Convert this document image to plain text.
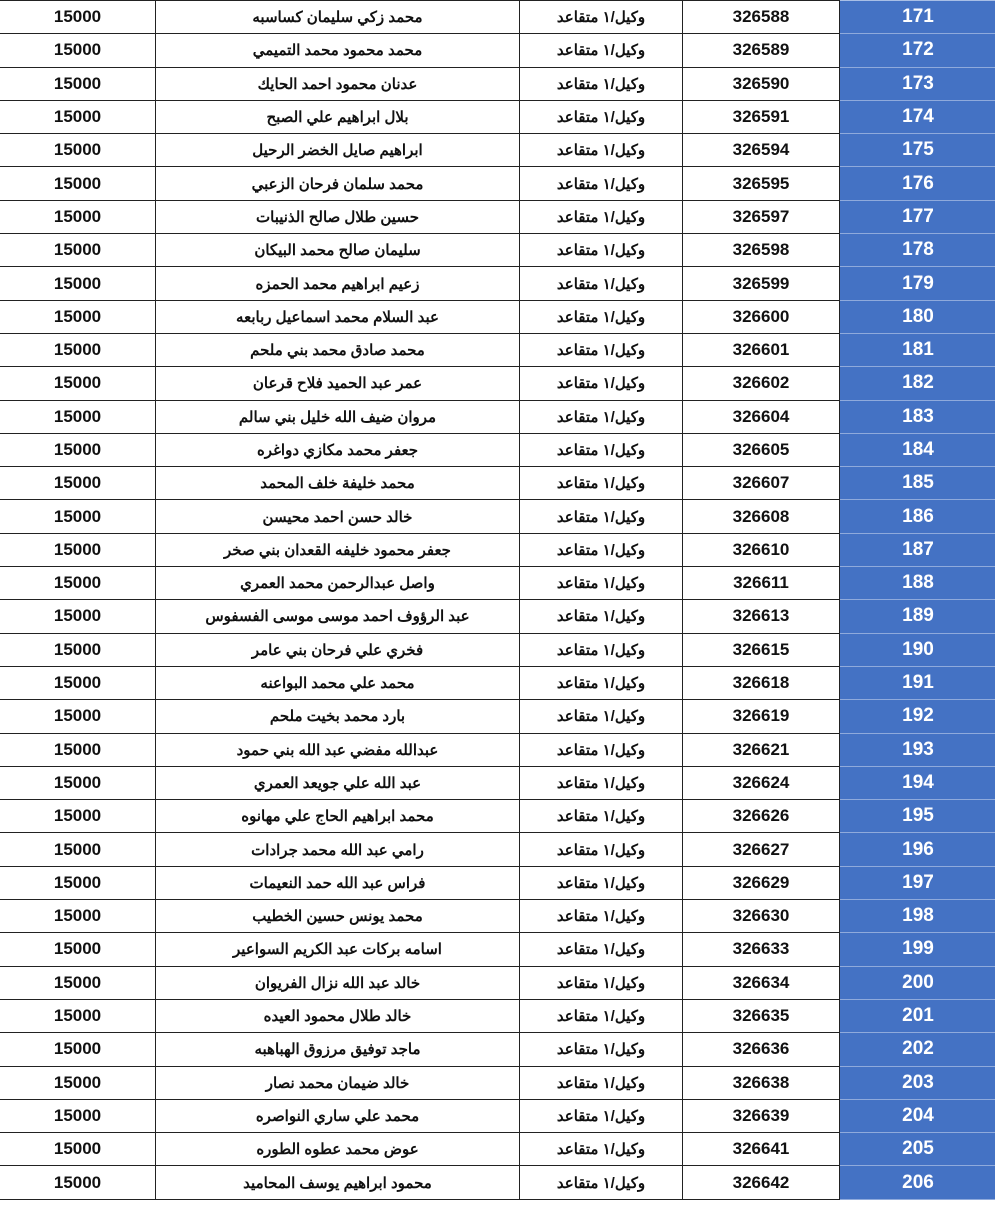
15000	محمد زكي سليمان كساسبه	وكيل/١ متقاعد	326588	171
15000	محمد محمود محمد التميمي	وكيل/١ متقاعد	326589	172
15000	عدنان محمود احمد الحايك	وكيل/١ متقاعد	326590	173
15000	بلال ابراهيم علي الصبح	وكيل/١ متقاعد	326591	174
15000	ابراهيم صايل الخضر الرحيل	وكيل/١ متقاعد	326594	175
15000	محمد سلمان فرحان الزعبي	وكيل/١ متقاعد	326595	176
15000	حسين طلال صالح الذنيبات	وكيل/١ متقاعد	326597	177
15000	سليمان صالح محمد البيكان	وكيل/١ متقاعد	326598	178
15000	زعيم ابراهيم محمد الحمزه	وكيل/١ متقاعد	326599	179
15000	عبد السلام محمد اسماعيل ربابعه	وكيل/١ متقاعد	326600	180
15000	محمد صادق محمد بني ملحم	وكيل/١ متقاعد	326601	181
15000	عمر عبد الحميد فلاح قرعان	وكيل/١ متقاعد	326602	182
15000	مروان ضيف الله خليل بني سالم	وكيل/١ متقاعد	326604	183
15000	جعفر محمد مكازي دواغره	وكيل/١ متقاعد	326605	184
15000	محمد خليفة خلف المحمد	وكيل/١ متقاعد	326607	185
15000	خالد حسن احمد محيسن	وكيل/١ متقاعد	326608	186
15000	جعفر محمود خليفه القعدان بني صخر	وكيل/١ متقاعد	326610	187
15000	واصل عبدالرحمن محمد العمري	وكيل/١ متقاعد	326611	188
15000	عبد الرؤوف احمد موسى موسى الفسفوس	وكيل/١ متقاعد	326613	189
15000	فخري علي فرحان بني عامر	وكيل/١ متقاعد	326615	190
15000	محمد علي محمد البواعنه	وكيل/١ متقاعد	326618	191
15000	بارد محمد بخيت ملحم	وكيل/١ متقاعد	326619	192
15000	عبدالله مفضي عبد الله بني حمود	وكيل/١ متقاعد	326621	193
15000	عبد الله علي جويعد العمري	وكيل/١ متقاعد	326624	194
15000	محمد ابراهيم الحاج علي مهانوه	وكيل/١ متقاعد	326626	195
15000	رامي عبد الله محمد جرادات	وكيل/١ متقاعد	326627	196
15000	فراس عبد الله حمد النعيمات	وكيل/١ متقاعد	326629	197
15000	محمد يونس حسين الخطيب	وكيل/١ متقاعد	326630	198
15000	اسامه بركات عبد الكريم السواعير	وكيل/١ متقاعد	326633	199
15000	خالد عبد الله نزال الفريوان	وكيل/١ متقاعد	326634	200
15000	خالد طلال محمود العيده	وكيل/١ متقاعد	326635	201
15000	ماجد توفيق مرزوق الهباهبه	وكيل/١ متقاعد	326636	202
15000	خالد ضيمان محمد نصار	وكيل/١ متقاعد	326638	203
15000	محمد علي ساري النواصره	وكيل/١ متقاعد	326639	204
15000	عوض محمد عطوه الطوره	وكيل/١ متقاعد	326641	205
15000	محمود ابراهيم يوسف المحاميد	وكيل/١ متقاعد	326642	206
